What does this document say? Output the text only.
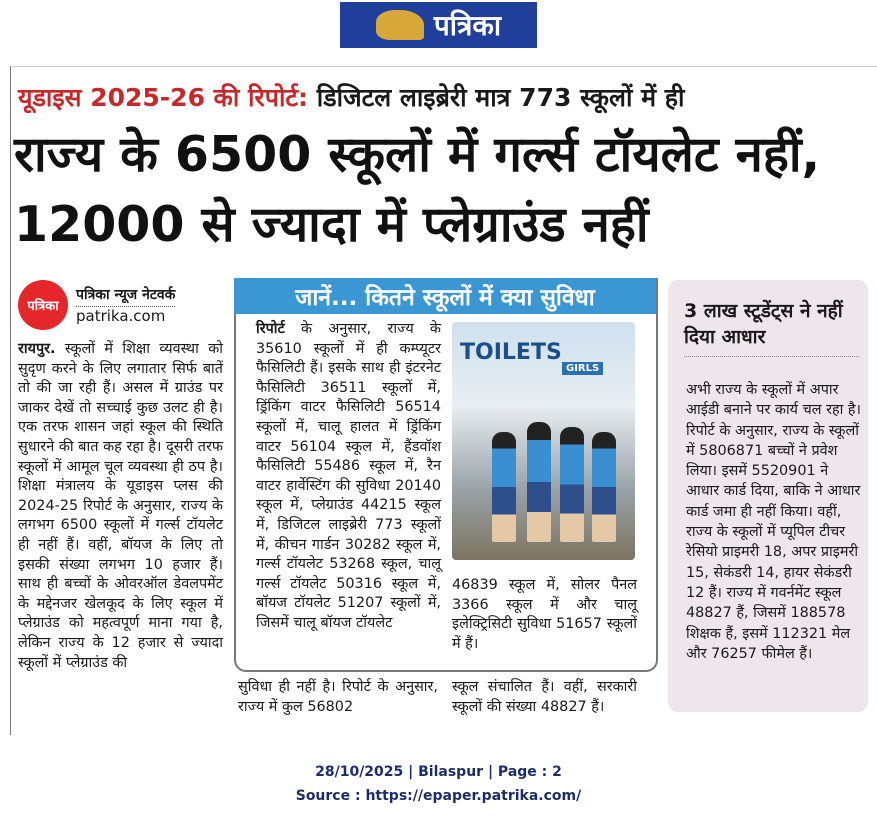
पत्रिका
यूडाइस 2025-26 की रिपोर्ट: डिजिटल लाइब्रेरी मात्र 773 स्कूलों में ही
राज्य के 6500 स्कूलों में गर्ल्स टॉयलेट नहीं, 12000 से ज्यादा में प्लेग्राउंड नहीं
पत्रिका
पत्रिका न्यूज नेटवर्क
patrika.com
रायपुर. स्कूलों में शिक्षा व्यवस्था को सुदृण करने के लिए लगातार सिर्फ बातें तो की जा रही हैं। असल में ग्राउंड पर जाकर देखें तो सच्चाई कुछ उलट ही है। एक तरफ शासन जहां स्कूल की स्थिति सुधारने की बात कह रहा है। दूसरी तरफ स्कूलों में आमूल चूल व्यवस्था ही ठप है। शिक्षा मंत्रालय के यूडाइस प्लस की 2024-25 रिपोर्ट के अनुसार, राज्य के लगभग 6500 स्कूलों में गर्ल्स टॉयलेट ही नहीं हैं। वहीं, बॉयज के लिए तो इसकी संख्या लगभग 10 हजार हैं। साथ ही बच्चों के ओवरऑल डेवलपमेंट के मद्देनजर खेलकूद के लिए स्कूल में प्लेग्राउंड को महत्वपूर्ण माना गया है, लेकिन राज्य के 12 हजार से ज्यादा स्कूलों में प्लेग्राउंड की
जानें... कितने स्कूलों में क्या सुविधा
रिपोर्ट के अनुसार, राज्य के 35610 स्कूलों में ही कम्प्यूटर फैसिलिटी हैं। इसके साथ ही इंटरनेट फैसिलिटी 36511 स्कूलों में, ड्रिंकिंग वाटर फैसिलिटी 56514 स्कूलों में, चालू हालत में ड्रिंकिंग वाटर 56104 स्कूल में, हैंडवॉश फैसिलिटी 55486 स्कूल में, रैन वाटर हार्वेस्टिंग की सुविधा 20140 स्कूल में, प्लेग्राउंड 44215 स्कूल में, डिजिटल लाइब्रेरी 773 स्कूलों में, कीचन गार्डन 30282 स्कूल में, गर्ल्स टॉयलेट 53268 स्कूल, चालू गर्ल्स टॉयलेट 50316 स्कूल में, बॉयज टॉयलेट 51207 स्कूलों में, जिसमें चालू बॉयज टॉयलेट
TOILETS
GIRLS
46839 स्कूल में, सोलर पैनल 3366 स्कूल में और चालू इलेक्ट्रिसिटी सुविधा 51657 स्कूलों में हैं।
सुविधा ही नहीं है। रिपोर्ट के अनुसार, राज्य में कुल 56802
स्कूल संचालित हैं। वहीं, सरकारी स्कूलों की संख्या 48827 हैं।
3 लाख स्टूडेंट्स ने नहीं दिया आधार
अभी राज्य के स्कूलों में अपार आईडी बनाने पर कार्य चल रहा है। रिपोर्ट के अनुसार, राज्य के स्कूलों में 5806871 बच्चों ने प्रवेश लिया। इसमें 5520901 ने आधार कार्ड दिया, बाकि ने आधार कार्ड जमा ही नहीं किया। वहीं, राज्य के स्कूलों में प्यूपिल टीचर रेसियो प्राइमरी 18, अपर प्राइमरी 15, सेकंडरी 14, हायर सेकंडरी 12 हैं। राज्य में गवर्नमेंट स्कूल 48827 हैं, जिसमें 188578 शिक्षक हैं, इसमें 112321 मेल और 76257 फीमेल हैं।
28/10/2025 | Bilaspur | Page : 2
Source : https://epaper.patrika.com/
